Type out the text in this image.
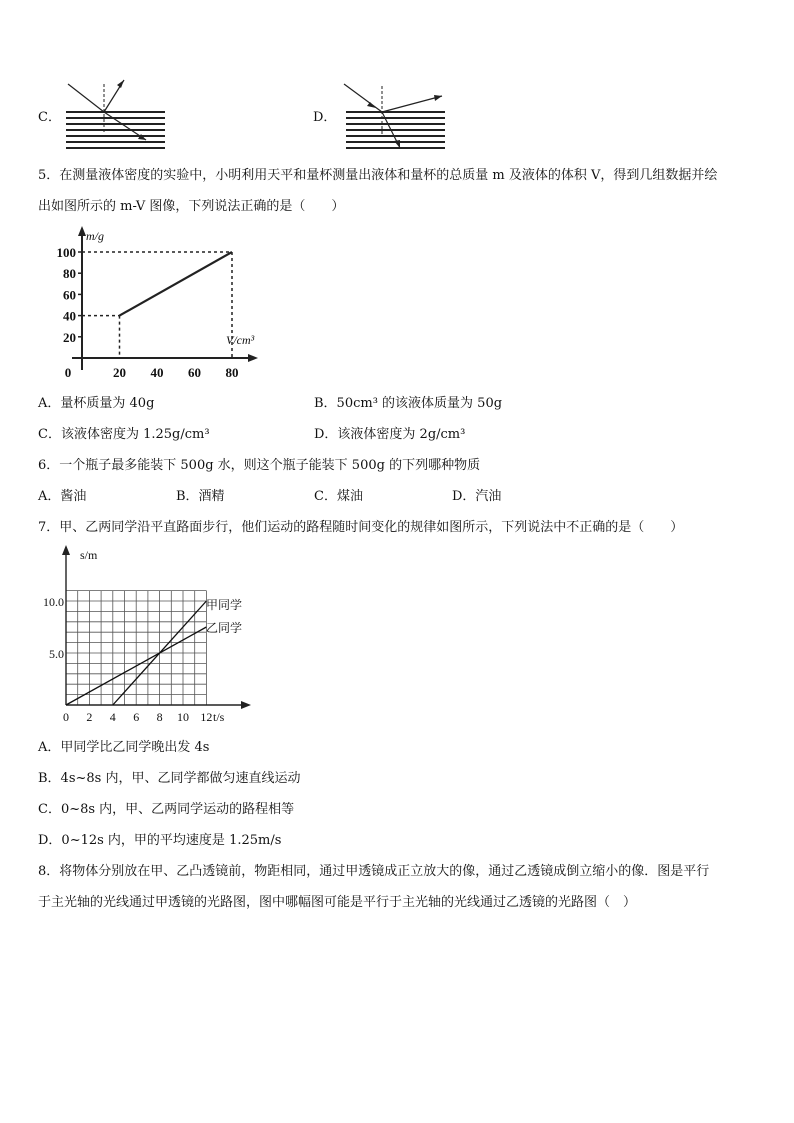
C．	D．
5．在测量液体密度的实验中，小明利用天平和量杯测量出液体和量杯的总质量 m 及液体的体积 V，得到几组数据并绘
出如图所示的 m-V 图像，下列说法正确的是（　　）
m/g
V/cm³
20
40
60
80
100
0	20 40 60 80
A．量杯质量为 40g	B．50cm³ 的该液体质量为 50g
C．该液体密度为 1.25g/cm³	D．该液体密度为 2g/cm³
6．一个瓶子最多能装下 500g 水，则这个瓶子能装下 500g 的下列哪种物质
A．酱油	B．酒精	C．煤油	D．汽油
7．甲、乙两同学沿平直路面步行，他们运动的路程随时间变化的规律如图所示，下列说法中不正确的是（　　）
s/m
t/s
10.0
5.0
0 2 4 6 8 10 12
甲同学
乙同学
A．甲同学比乙同学晚出发 4s
B．4s~8s 内，甲、乙同学都做匀速直线运动
C．0~8s 内，甲、乙两同学运动的路程相等
D．0~12s 内，甲的平均速度是 1.25m/s
8．将物体分别放在甲、乙凸透镜前，物距相同，通过甲透镜成正立放大的像，通过乙透镜成倒立缩小的像．图是平行
于主光轴的光线通过甲透镜的光路图，图中哪幅图可能是平行于主光轴的光线通过乙透镜的光路图（　）
